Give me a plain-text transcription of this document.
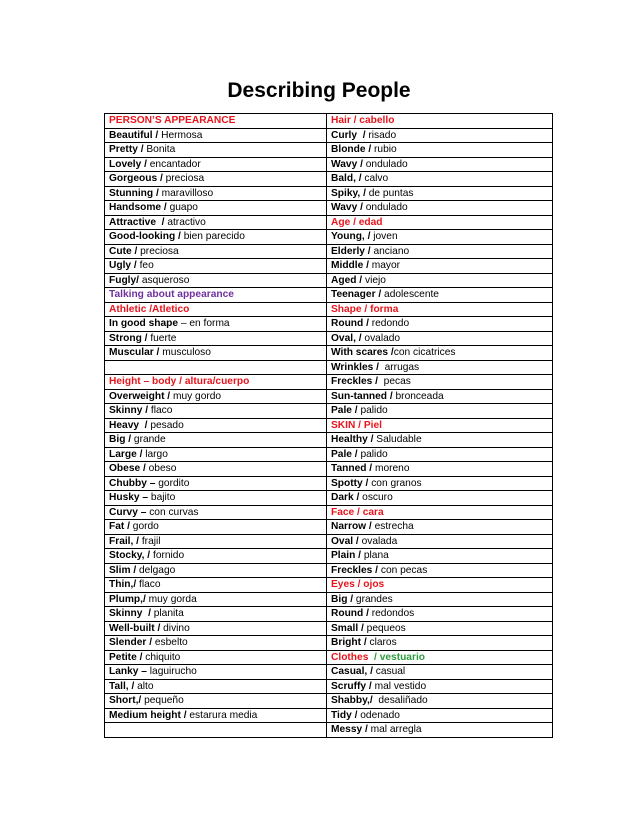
Describing People
PERSON’S APPEARANCE	Hair / cabello
Beautiful / Hermosa	Curly  / risado
Pretty / Bonita	Blonde / rubio
Lovely / encantador	Wavy / ondulado
Gorgeous / preciosa	Bald, / calvo
Stunning / maravilloso	Spiky, / de puntas
Handsome / guapo	Wavy / ondulado
Attractive  / atractivo	Age / edad
Good-looking / bien parecido	Young, / joven
Cute / preciosa	Elderly / anciano
Ugly / feo	Middle / mayor
Fugly/ asqueroso	Aged / viejo
Talking about appearance	Teenager / adolescente
Athletic /Atletico	Shape / forma
In good shape – en forma	Round / redondo
Strong / fuerte	Oval, / ovalado
Muscular / musculoso	With scares /con cicatrices
	Wrinkles /  arrugas
Height – body / altura/cuerpo	Freckles /  pecas
Overweight / muy gordo	Sun-tanned / bronceada
Skinny / flaco	Pale / palido
Heavy  / pesado	SKIN / Piel
Big / grande	Healthy / Saludable
Large / largo	Pale / palido
Obese / obeso	Tanned / moreno
Chubby – gordito	Spotty / con granos
Husky – bajito	Dark / oscuro
Curvy – con curvas	Face / cara
Fat / gordo	Narrow / estrecha
Frail, / frajil	Oval / ovalada
Stocky, / fornido	Plain / plana
Slim / delgago	Freckles / con pecas
Thin,/ flaco	Eyes / ojos
Plump,/ muy gorda	Big / grandes
Skinny  / planita	Round / redondos
Well-built / divino	Small / pequeos
Slender / esbelto	Bright / claros
Petite / chiquito	Clothes  / vestuario
Lanky – laguirucho	Casual, / casual
Tall, / alto	Scruffy / mal vestido
Short,/ pequeño	Shabby,/  desaliñado
Medium height / estarura media	Tidy / odenado
	Messy / mal arregla
